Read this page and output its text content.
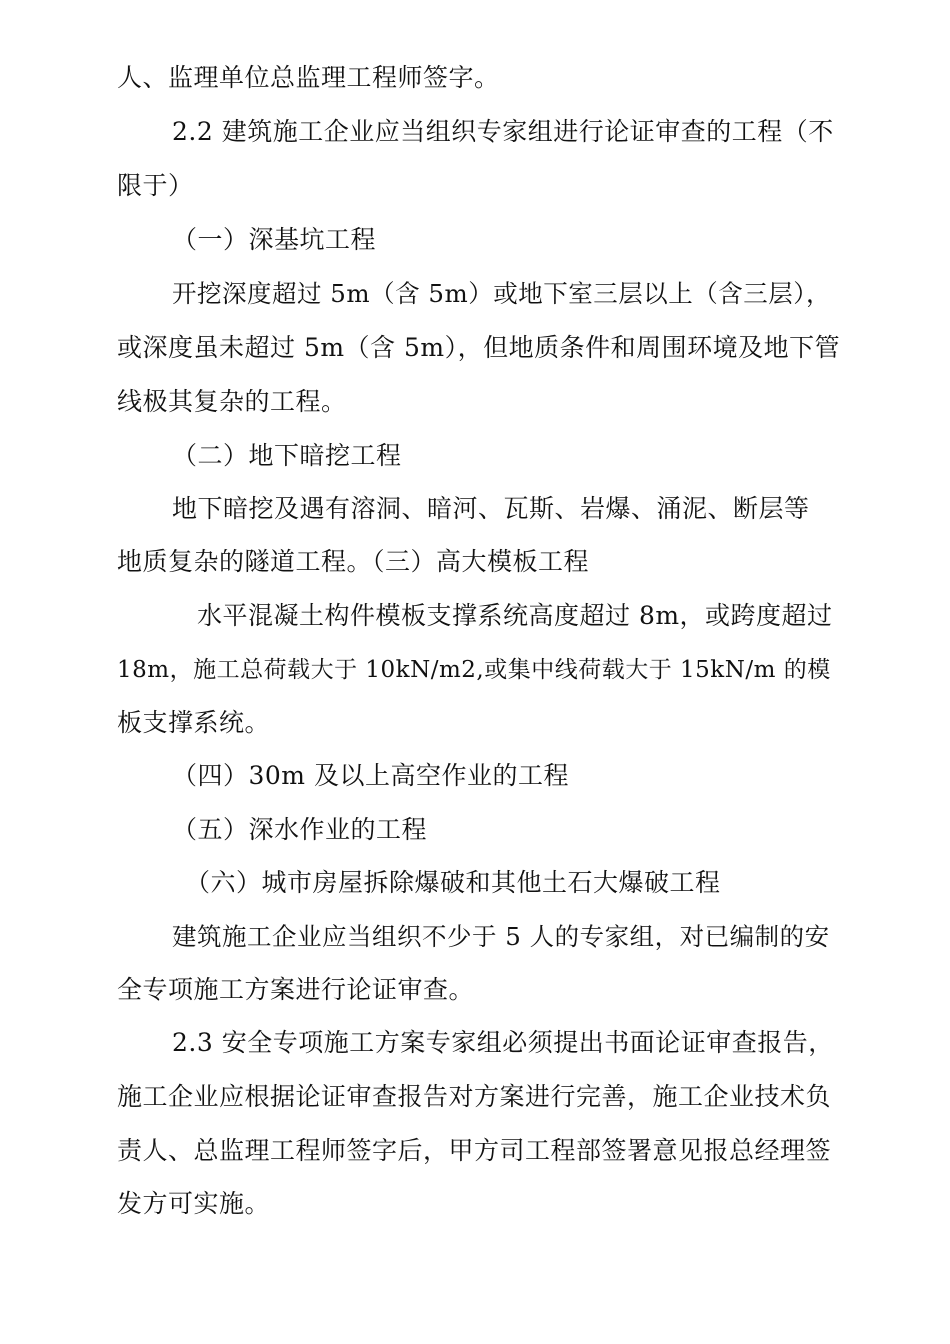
人、监理单位总监理工程师签字。
2.2 建筑施工企业应当组织专家组进行论证审查的工程（不
限于）
（一）深基坑工程
开挖深度超过 5m（含 5m）或地下室三层以上（含三层），
或深度虽未超过 5m（含 5m），但地质条件和周围环境及地下管
线极其复杂的工程。
（二）地下暗挖工程
地下暗挖及遇有溶洞、暗河、瓦斯、岩爆、涌泥、断层等
地质复杂的隧道工程。（三）高大模板工程
水平混凝土构件模板支撑系统高度超过 8m，或跨度超过
18m，施工总荷载大于 10kN/m2,或集中线荷载大于 15kN/m 的模
板支撑系统。
（四）30m 及以上高空作业的工程
（五）深水作业的工程
（六）城市房屋拆除爆破和其他土石大爆破工程
建筑施工企业应当组织不少于 5 人的专家组，对已编制的安
全专项施工方案进行论证审查。
2.3 安全专项施工方案专家组必须提出书面论证审查报告，
施工企业应根据论证审查报告对方案进行完善，施工企业技术负
责人、总监理工程师签字后，甲方司工程部签署意见报总经理签
发方可实施。
